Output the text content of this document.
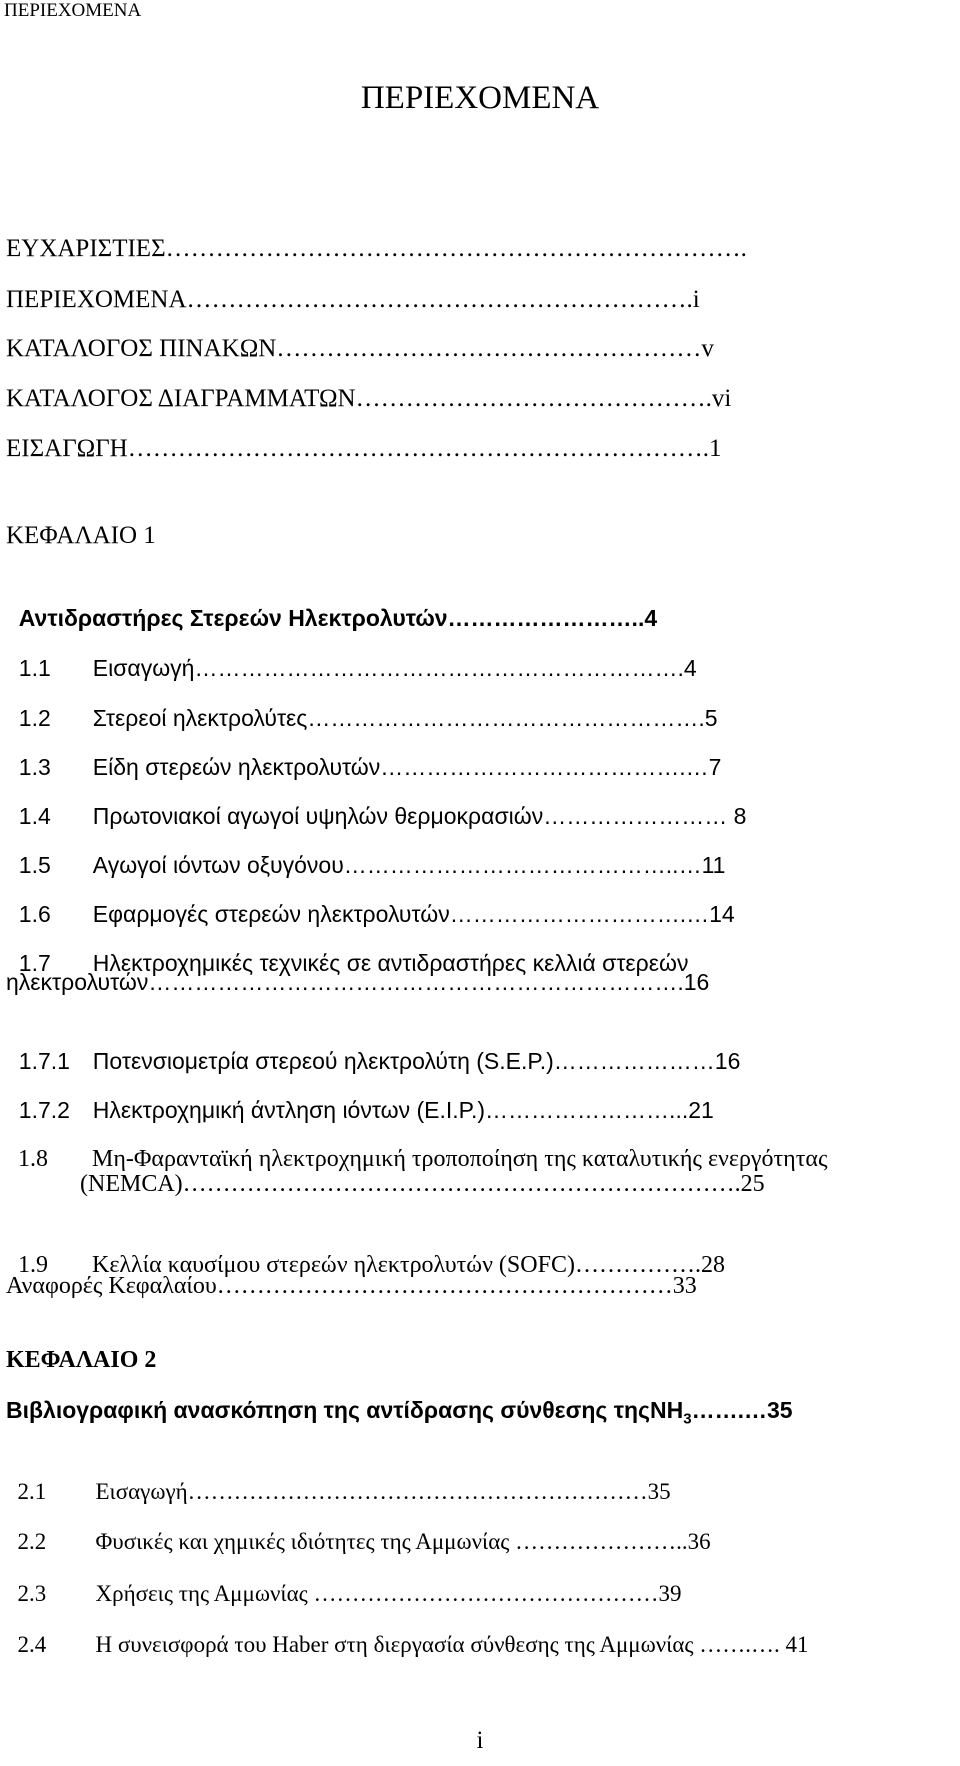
ΠΕΡΙΕΧΟΜΕΝΑ
ΠΕΡΙΕΧΟΜΕΝΑ
ΕΥΧΑΡΙΣΤΙΕΣ…………………………………………………………….
ΠΕΡΙΕΧΟΜΕΝΑ…………………………………………………….i
ΚΑΤΑΛΟΓΟΣ ΠΙΝΑΚΩΝ……………………………………………v
ΚΑΤΑΛΟΓΟΣ ΔΙΑΓΡΑΜΜΑΤΩΝ…………………………………….vi
ΕΙΣΑΓΩΓΗ…………………………………………………………….1
ΚΕΦΑΛΑΙΟ 1

Αντιδραστήρες Στερεών Ηλεκτρολυτών……………………..4

1.1 Εισαγωγή……………………………………………………….4

1.2 Στερεοί ηλεκτρολύτες…………………………………………….5

1.3 Είδη στερεών ηλεκτρολυτών………………………………….…7

1.4 Πρωτονιακοί αγωγοί υψηλών θερμοκρασιών…………………… 8

1.5 Αγωγοί ιόντων οξυγόνου……………………………………..…11

1.6 Εφαρμογές στερεών ηλεκτρολυτών………………………….…14

1.7 Ηλεκτροχημικές τεχνικές σε αντιδραστήρες κελλιά στερεών

ηλεκτρολυτών…………………………………………………………….16

1.7.1 Ποτενσιομετρία στερεού ηλεκτρολύτη (S.E.P.)…………………16

1.7.2 Ηλεκτροχημική άντληση ιόντων (E.I.P.)……………………...21

1.8 Μη-Φαρανταϊκή ηλεκτροχημική τροποποίηση της καταλυτικής ενεργότητας

(NEMCA)…………………………………………………………….25

1.9 Κελλία καυσίμου στερεών ηλεκτρολυτών (SOFC)…………….28

Αναφορές Κεφαλαίου…………………………………………………33
ΚΕΦΑΛΑΙΟ 2
Βιβλιογραφική ανασκόπηση της αντίδρασης σύνθεσης τηςNH$_3$…….…35

2.1 Εισαγωγή……………………………………………………35

2.2 Φυσικές και χημικές ιδιότητες της Αμμωνίας …………………..36

2.3 Χρήσεις της Αμμωνίας ………………………………………39

2.4 Η συνεισφορά του Haber στη διεργασία σύνθεσης της Αμμωνίας …….…. 41

i
